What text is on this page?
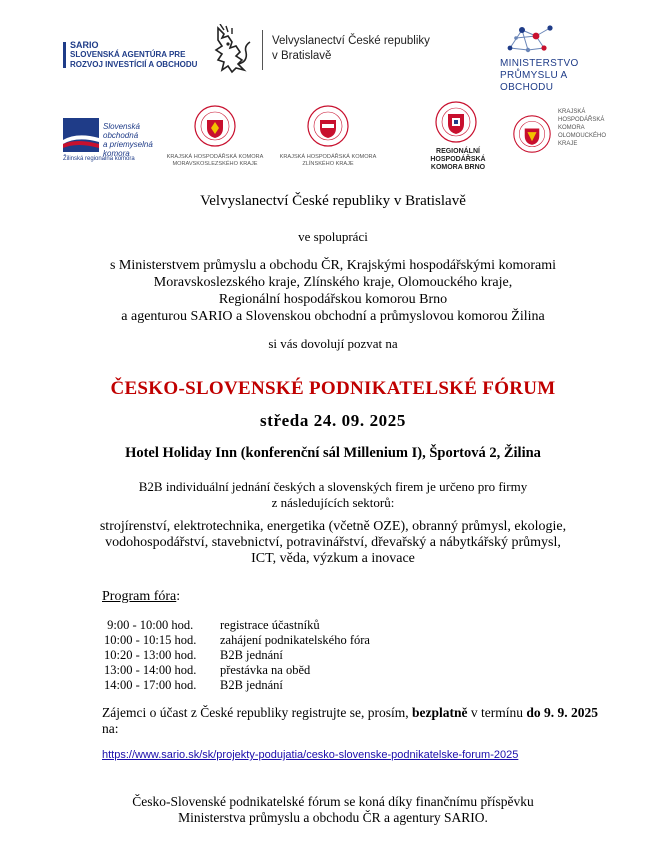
SARIO
SLOVENSKÁ AGENTÚRA PRE
ROZVOJ INVESTÍCIÍ A OBCHODU
Velvyslanectví České republiky
v Bratislavě
MINISTERSTVO
PRŮMYSLU A OBCHODU
Slovenská
obchodná
a priemyselná
komora
Žilinská regionálna komora	KRAJSKÁ HOSPODÁŘSKÁ KOMORA
MORAVSKOSLEZSKÉHO KRAJE
KRAJSKÁ HOSPODÁŘSKÁ KOMORA
ZLÍNSKÉHO KRAJE
REGIONÁLNÍ
HOSPODÁŘSKÁ
KOMORA BRNO
KRAJSKÁ
HOSPODÁŘSKÁ
KOMORA
OLOMOUCKÉHO
KRAJE
Velvyslanectví České republiky v Bratislavě
ve spolupráci
s Ministerstvem průmyslu a obchodu ČR, Krajskými hospodářskými komorami
Moravskoslezského kraje, Zlínského kraje, Olomouckého kraje,
Regionální hospodářskou komorou Brno
a agenturou SARIO a Slovenskou obchodní a průmyslovou komorou Žilina
si vás dovolují pozvat na
ČESKO-SLOVENSKÉ PODNIKATELSKÉ FÓRUM
středa 24. 09. 2025
Hotel Holiday Inn (konferenční sál Millenium I), Športová 2, Žilina
B2B individuální jednání českých a slovenských firem je určeno pro firmy
z následujících sektorů:
strojírenství, elektrotechnika, energetika (včetně OZE), obranný průmysl, ekologie,
vodohospodářství, stavebnictví, potravinářství, dřevařský a nábytkářský průmysl,
ICT, věda, výzkum a inovace
Program fóra:
9:00 - 10:00 hod. registrace účastníků
10:00 - 10:15 hod. zahájení podnikatelského fóra
10:20 - 13:00 hod. B2B jednání
13:00 - 14:00 hod. přestávka na oběd
14:00 - 17:00 hod. B2B jednání
Zájemci o účast z České republiky registrujte se, prosím, bezplatně v termínu do 9. 9. 2025
na:
https://www.sario.sk/sk/projekty-podujatia/cesko-slovenske-podnikatelske-forum-2025
Česko-Slovenské podnikatelské fórum se koná díky finančnímu příspěvku
Ministerstva průmyslu a obchodu ČR a agentury SARIO.
